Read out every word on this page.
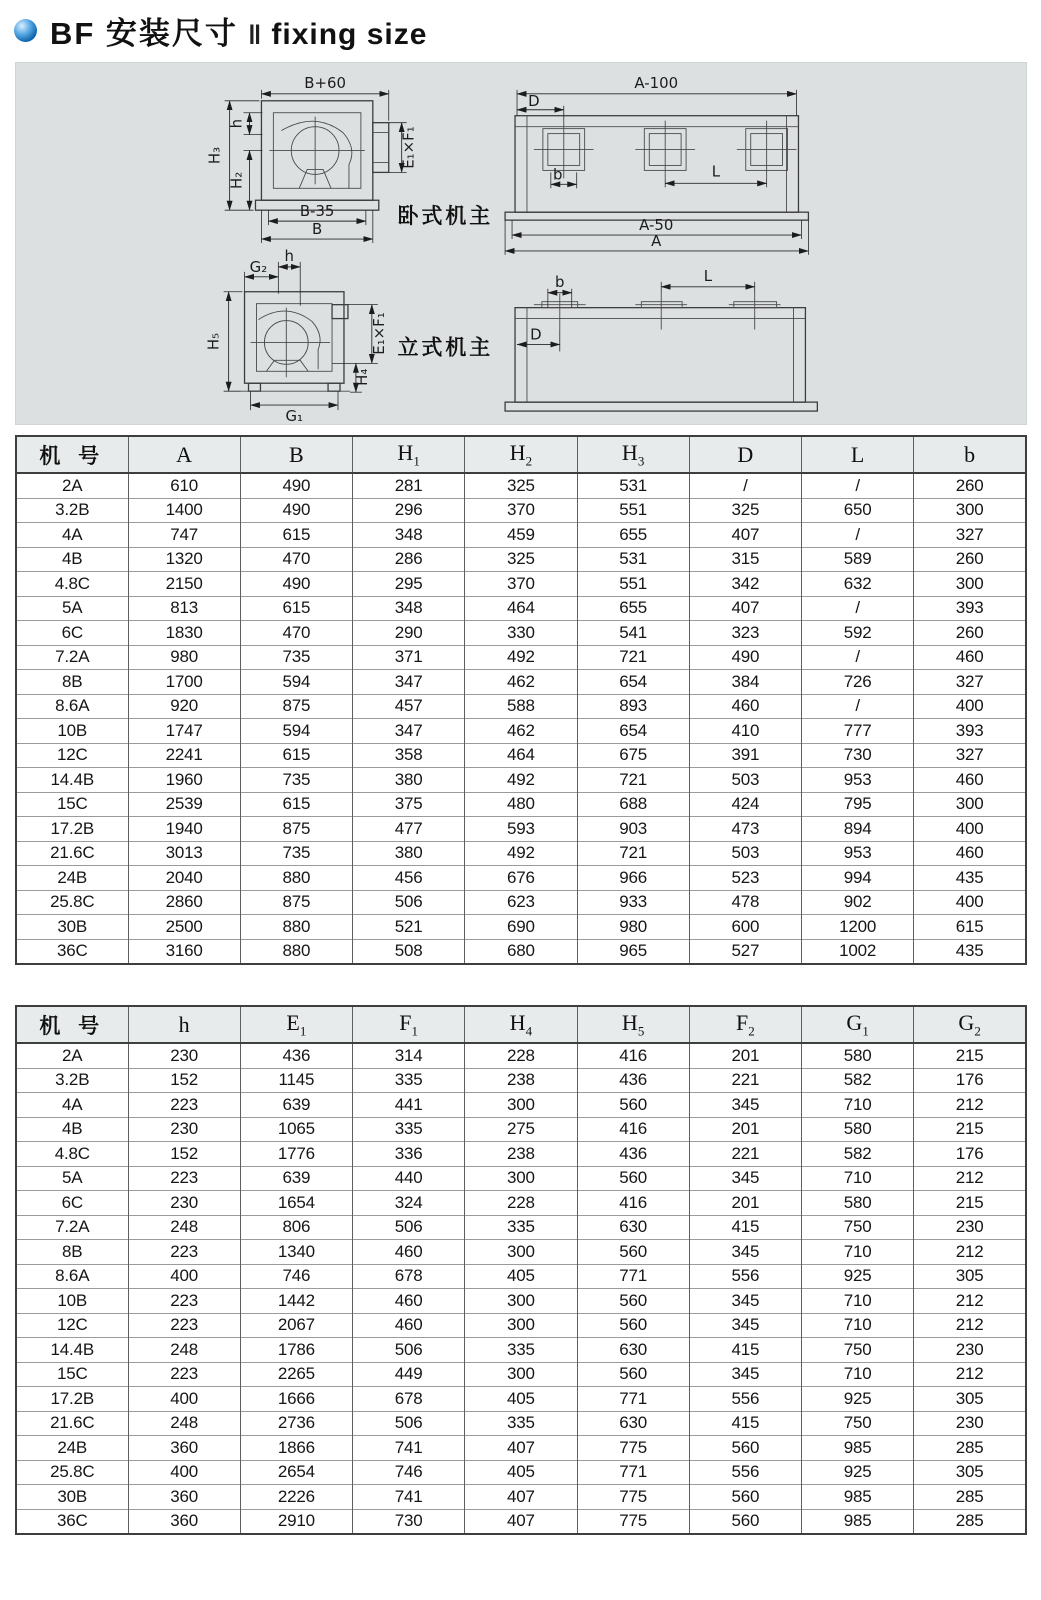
BF 安装尺寸 ‖ fixing size
B+60
H₃
h
H₂
E₁×F₁
B-35
B
卧式机主
A-100
D
b	L
A-50
A
h
G₂
H₅	E₁×F₁
H₄
G₁
立式机主
b	L
D
机 号	A	B	$H_1$	$H_2$	$H_3$	D	L	b
2A	610	490	281	325	531	/	/	260
3.2B	1400	490	296	370	551	325	650	300
4A	747	615	348	459	655	407	/	327
4B	1320	470	286	325	531	315	589	260
4.8C	2150	490	295	370	551	342	632	300
5A	813	615	348	464	655	407	/	393
6C	1830	470	290	330	541	323	592	260
7.2A	980	735	371	492	721	490	/	460
8B	1700	594	347	462	654	384	726	327
8.6A	920	875	457	588	893	460	/	400
10B	1747	594	347	462	654	410	777	393
12C	2241	615	358	464	675	391	730	327
14.4B	1960	735	380	492	721	503	953	460
15C	2539	615	375	480	688	424	795	300
17.2B	1940	875	477	593	903	473	894	400
21.6C	3013	735	380	492	721	503	953	460
24B	2040	880	456	676	966	523	994	435
25.8C	2860	875	506	623	933	478	902	400
30B	2500	880	521	690	980	600	1200	615
36C	3160	880	508	680	965	527	1002	435
机 号	h	$E_1$	$F_1$	$H_4$	$H_5$	$F_2$	$G_1$	$G_2$
2A	230	436	314	228	416	201	580	215
3.2B	152	1145	335	238	436	221	582	176
4A	223	639	441	300	560	345	710	212
4B	230	1065	335	275	416	201	580	215
4.8C	152	1776	336	238	436	221	582	176
5A	223	639	440	300	560	345	710	212
6C	230	1654	324	228	416	201	580	215
7.2A	248	806	506	335	630	415	750	230
8B	223	1340	460	300	560	345	710	212
8.6A	400	746	678	405	771	556	925	305
10B	223	1442	460	300	560	345	710	212
12C	223	2067	460	300	560	345	710	212
14.4B	248	1786	506	335	630	415	750	230
15C	223	2265	449	300	560	345	710	212
17.2B	400	1666	678	405	771	556	925	305
21.6C	248	2736	506	335	630	415	750	230
24B	360	1866	741	407	775	560	985	285
25.8C	400	2654	746	405	771	556	925	305
30B	360	2226	741	407	775	560	985	285
36C	360	2910	730	407	775	560	985	285
